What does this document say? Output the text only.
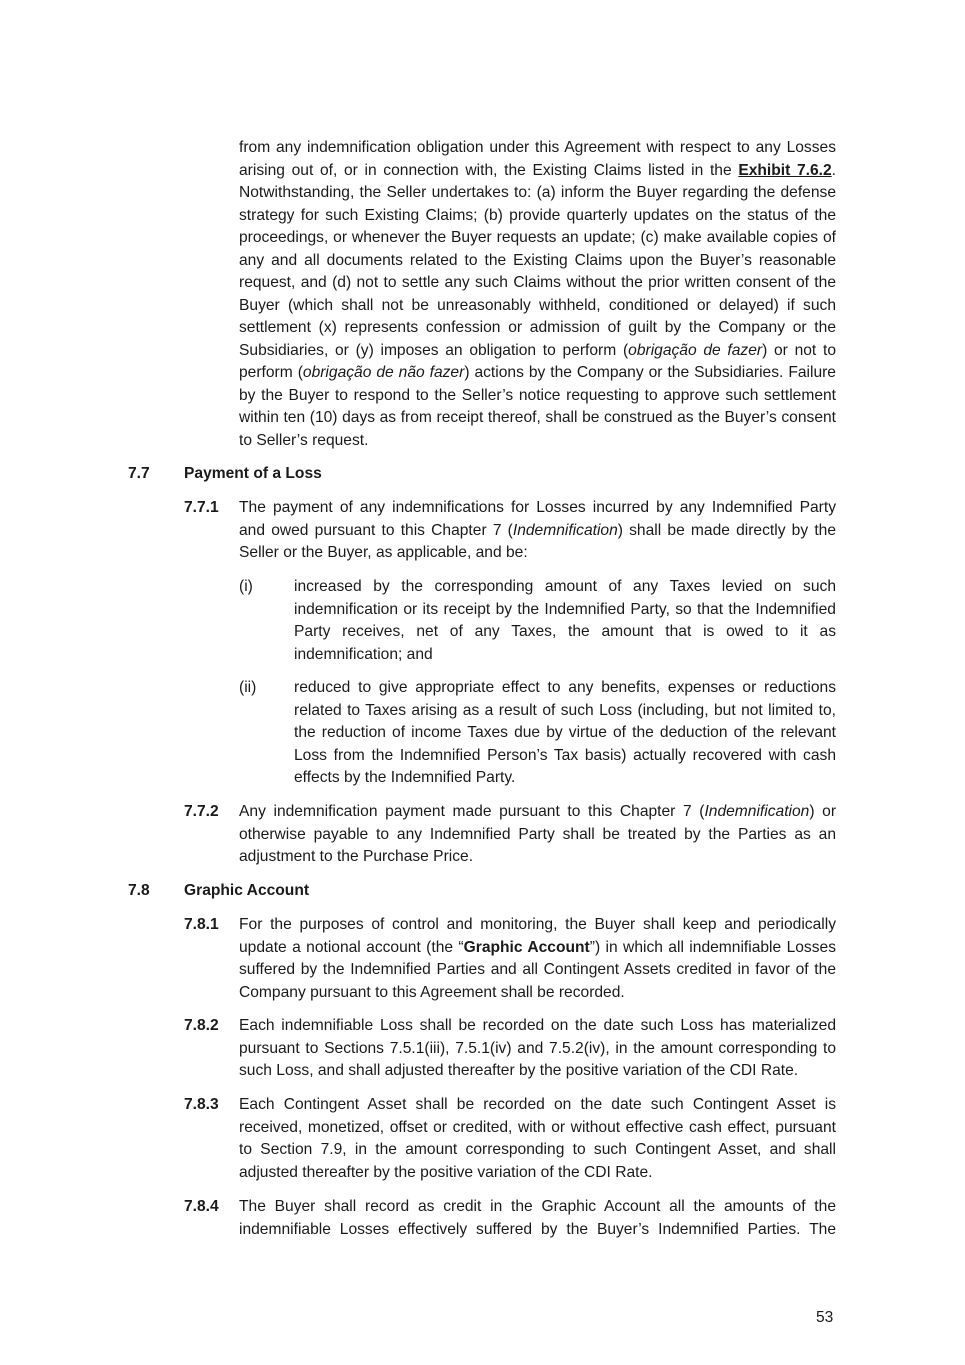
from any indemnification obligation under this Agreement with respect to any Losses arising out of, or in connection with, the Existing Claims listed in the Exhibit 7.6.2. Notwithstanding, the Seller undertakes to: (a) inform the Buyer regarding the defense strategy for such Existing Claims; (b) provide quarterly updates on the status of the proceedings, or whenever the Buyer requests an update; (c) make available copies of any and all documents related to the Existing Claims upon the Buyer’s reasonable request, and (d) not to settle any such Claims without the prior written consent of the Buyer (which shall not be unreasonably withheld, conditioned or delayed) if such settlement (x) represents confession or admission of guilt by the Company or the Subsidiaries, or (y) imposes an obligation to perform (obrigação de fazer) or not to perform (obrigação de não fazer) actions by the Company or the Subsidiaries. Failure by the Buyer to respond to the Seller’s notice requesting to approve such settlement within ten (10) days as from receipt thereof, shall be construed as the Buyer’s consent to Seller’s request.
7.7 Payment of a Loss
7.7.1 The payment of any indemnifications for Losses incurred by any Indemnified Party and owed pursuant to this Chapter 7 (Indemnification) shall be made directly by the Seller or the Buyer, as applicable, and be:
(i)	increased by the corresponding amount of any Taxes levied on such indemnification or its receipt by the Indemnified Party, so that the Indemnified Party receives, net of any Taxes, the amount that is owed to it as indemnification; and
(ii) reduced to give appropriate effect to any benefits, expenses or reductions related to Taxes arising as a result of such Loss (including, but not limited to, the reduction of income Taxes due by virtue of the deduction of the relevant Loss from the Indemnified Person’s Tax basis) actually recovered with cash effects by the Indemnified Party.
7.7.2 Any indemnification payment made pursuant to this Chapter 7 (Indemnification) or otherwise payable to any Indemnified Party shall be treated by the Parties as an adjustment to the Purchase Price.
7.8 Graphic Account
7.8.1 For the purposes of control and monitoring, the Buyer shall keep and periodically update a notional account (the “Graphic Account”) in which all indemnifiable Losses suffered by the Indemnified Parties and all Contingent Assets credited in favor of the Company pursuant to this Agreement shall be recorded.
7.8.2 Each indemnifiable Loss shall be recorded on the date such Loss has materialized pursuant to Sections 7.5.1(iii), 7.5.1(iv) and 7.5.2(iv), in the amount corresponding to such Loss, and shall adjusted thereafter by the positive variation of the CDI Rate.
7.8.3 Each Contingent Asset shall be recorded on the date such Contingent Asset is received, monetized, offset or credited, with or without effective cash effect, pursuant to Section 7.9, in the amount corresponding to such Contingent Asset, and shall adjusted thereafter by the positive variation of the CDI Rate.
7.8.4 The Buyer shall record as credit in the Graphic Account all the amounts of the indemnifiable Losses effectively suffered by the Buyer’s Indemnified Parties. The
53
